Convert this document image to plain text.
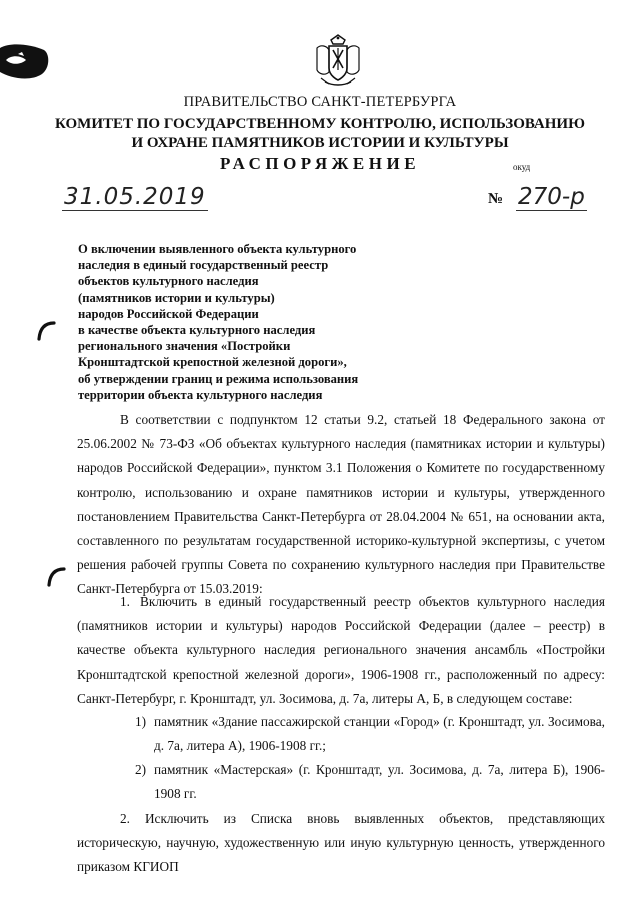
ПРАВИТЕЛЬСТВО САНКТ-ПЕТЕРБУРГА
КОМИТЕТ ПО ГОСУДАРСТВЕННОМУ КОНТРОЛЮ, ИСПОЛЬЗОВАНИЮ
И ОХРАНЕ ПАМЯТНИКОВ ИСТОРИИ И КУЛЬТУРЫ
РАСПОРЯЖЕНИЕ	окуд
31.05.2019	№ 270-р
О включении выявленного объекта культурного
наследия в единый государственный реестр
объектов культурного наследия
(памятников истории и культуры)
народов Российской Федерации
в качестве объекта культурного наследия
регионального значения «Постройки
Кронштадтской крепостной железной дороги»,
об утверждении границ и режима использования
территории объекта культурного наследия
В соответствии с подпунктом 12 статьи 9.2, статьей 18 Федерального закона от 25.06.2002 № 73-ФЗ «Об объектах культурного наследия (памятниках истории и культуры) народов Российской Федерации», пунктом 3.1 Положения о Комитете по государственному контролю, использованию и охране памятников истории и культуры, утвержденного постановлением Правительства Санкт-Петербурга от 28.04.2004 № 651, на основании акта, составленного по результатам государственной историко-культурной экспертизы, с учетом решения рабочей группы Совета по сохранению культурного наследия при Правительстве Санкт-Петербурга от 15.03.2019:
1. Включить в единый государственный реестр объектов культурного наследия (памятников истории и культуры) народов Российской Федерации (далее – реестр) в качестве объекта культурного наследия регионального значения ансамбль «Постройки Кронштадтской крепостной железной дороги», 1906-1908 гг., расположенный по адресу: Санкт-Петербург, г. Кронштадт, ул. Зосимова, д. 7а, литеры А, Б, в следующем составе:
1) памятник «Здание пассажирской станции «Город» (г. Кронштадт, ул. Зосимова, д. 7а, литера А), 1906-1908 гг.;
2) памятник «Мастерская» (г. Кронштадт, ул. Зосимова, д. 7а, литера Б), 1906-1908 гг.
2. Исключить из Списка вновь выявленных объектов, представляющих историческую, научную, художественную или иную культурную ценность, утвержденного приказом КГИОП
